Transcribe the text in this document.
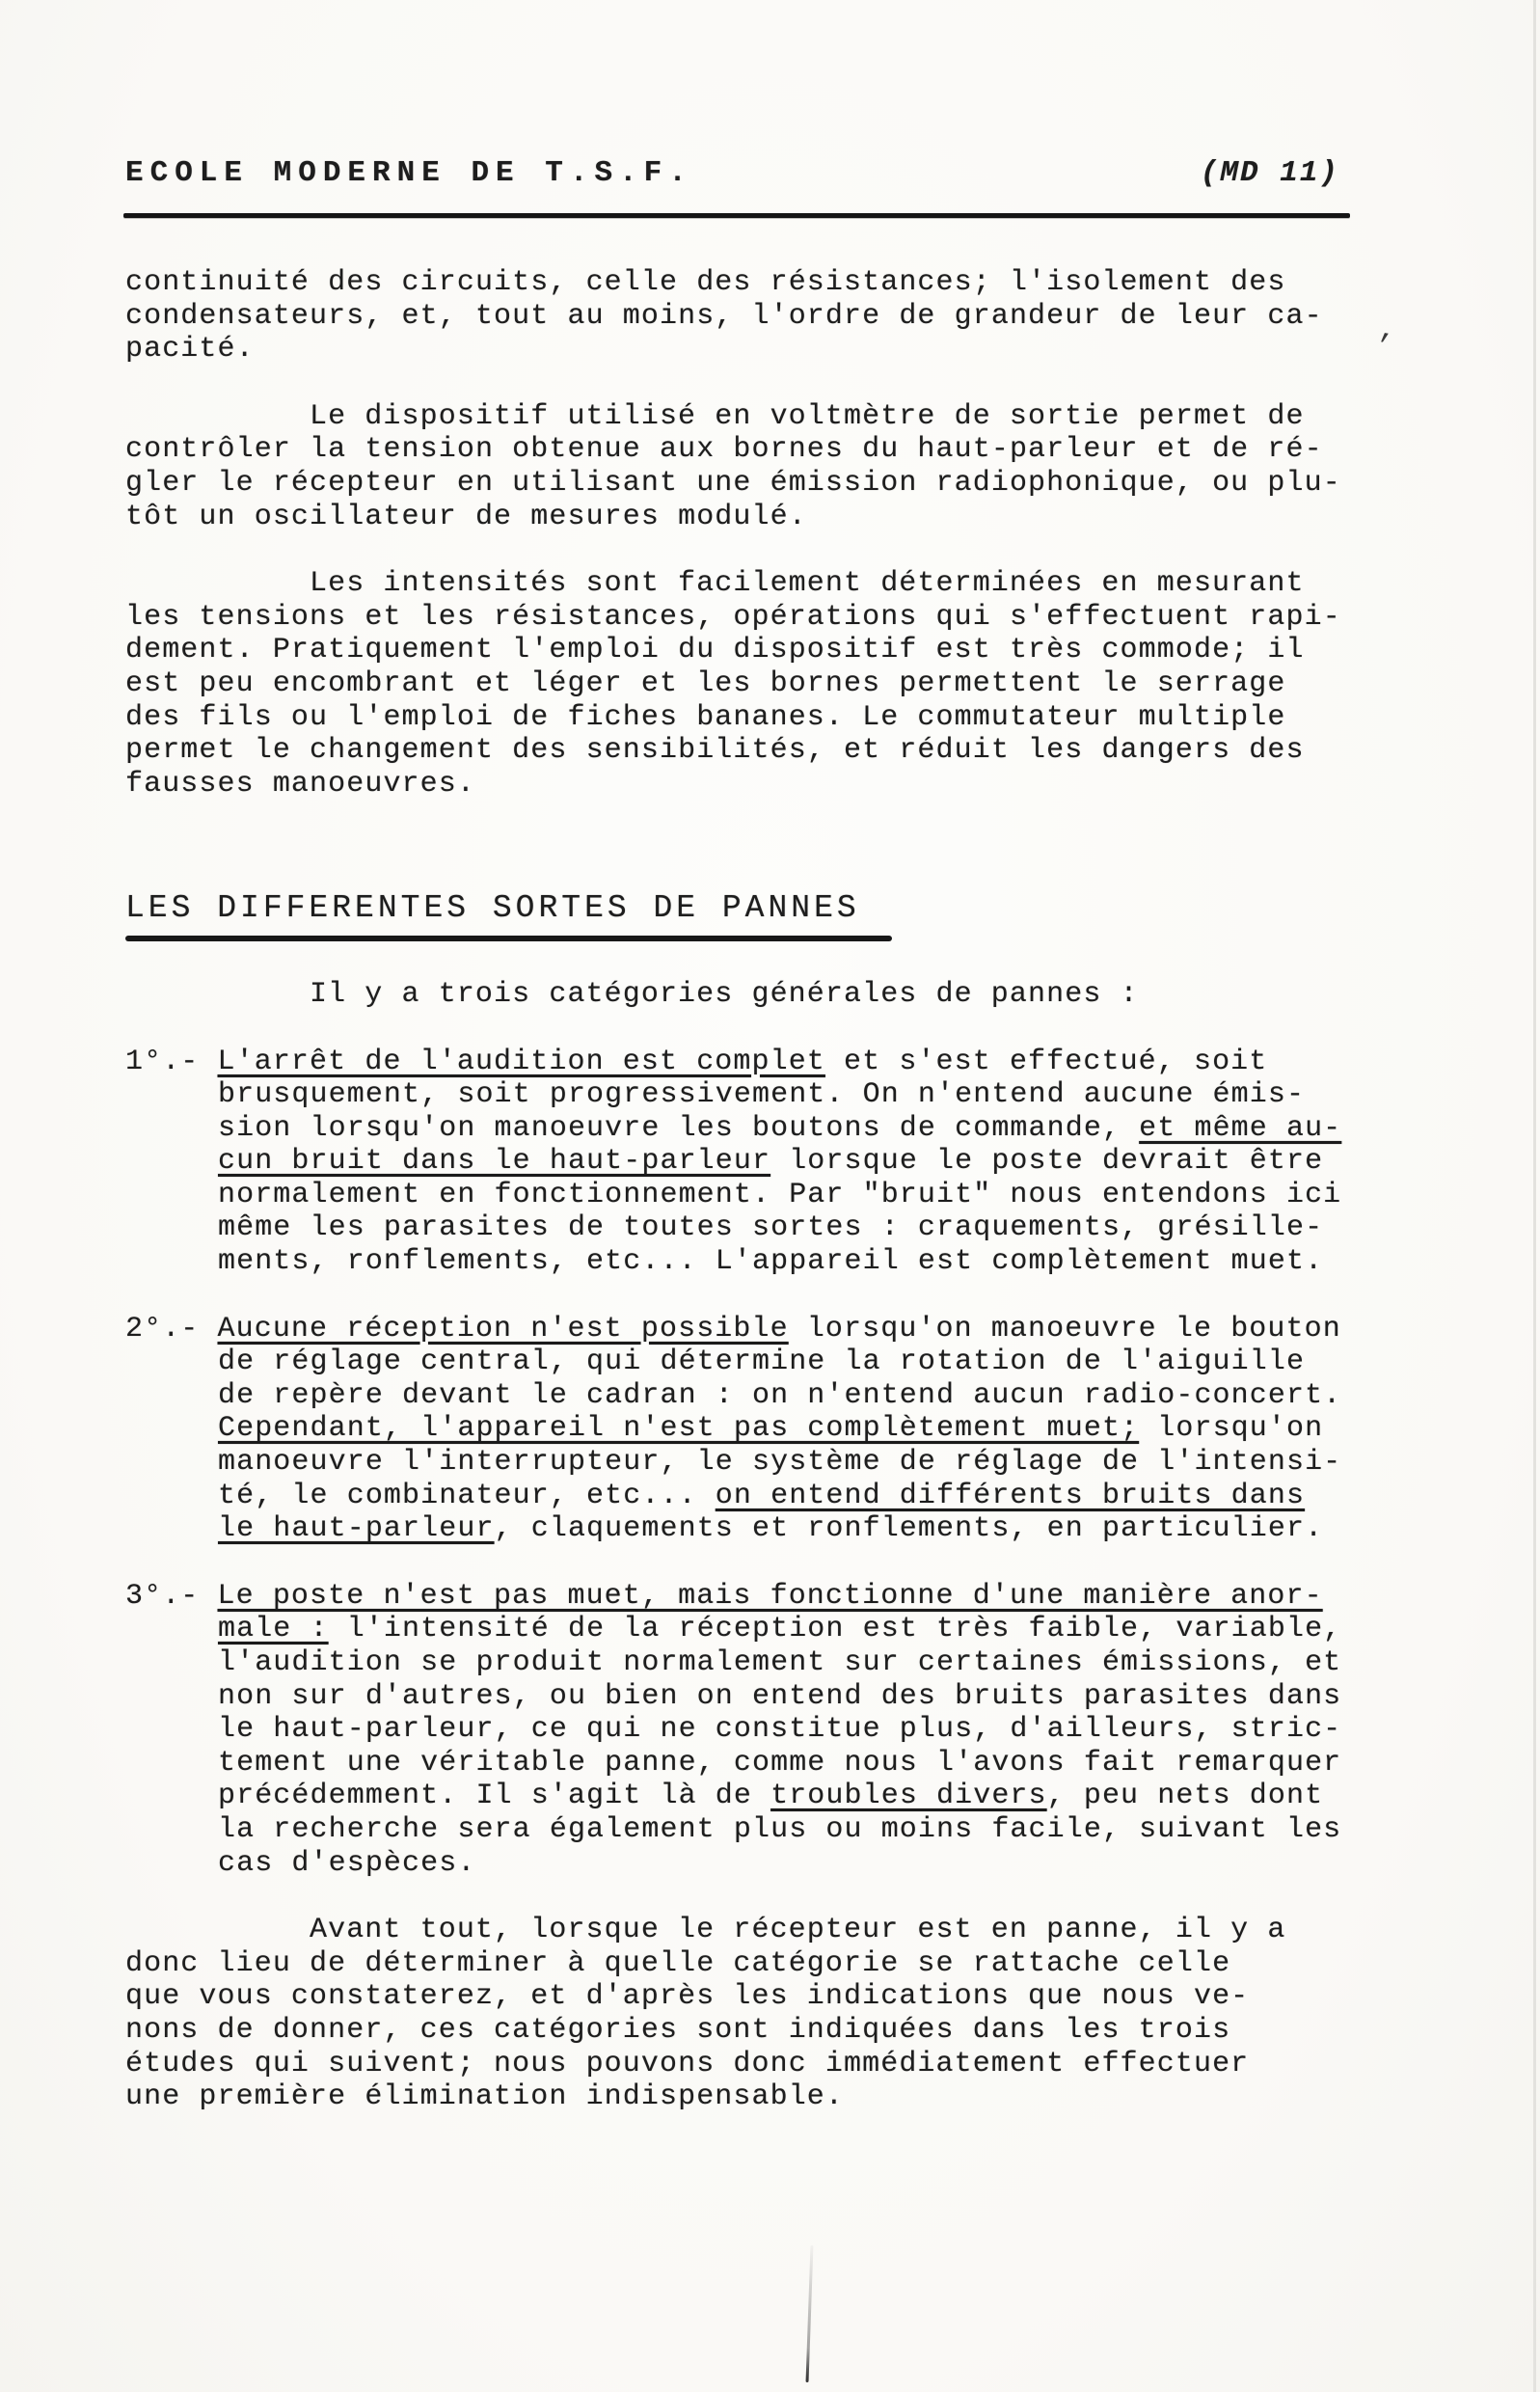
ECOLE MODERNE DE T.S.F.	(MD 11)
continuité des circuits, celle des résistances; l'isolement des
condensateurs, et, tout au moins, l'ordre de grandeur de leur ca-
pacité.
Le dispositif utilisé en voltmètre de sortie permet de
contrôler la tension obtenue aux bornes du haut-parleur et de ré-
gler le récepteur en utilisant une émission radiophonique, ou plu-
tôt un oscillateur de mesures modulé.
Les intensités sont facilement déterminées en mesurant
les tensions et les résistances, opérations qui s'effectuent rapi-
dement. Pratiquement l'emploi du dispositif est très commode; il
est peu encombrant et léger et les bornes permettent le serrage
des fils ou l'emploi de fiches bananes. Le commutateur multiple
permet le changement des sensibilités, et réduit les dangers des
fausses manoeuvres.
LES DIFFERENTES SORTES DE PANNES
Il y a trois catégories générales de pannes :
1°.- L'arrêt de l'audition est complet et s'est effectué, soit
brusquement, soit progressivement. On n'entend aucune émis-
sion lorsqu'on manoeuvre les boutons de commande, et même au-
cun bruit dans le haut-parleur lorsque le poste devrait être
normalement en fonctionnement. Par "bruit" nous entendons ici
même les parasites de toutes sortes : craquements, grésille-
ments, ronflements, etc... L'appareil est complètement muet.
2°.- Aucune réception n'est possible lorsqu'on manoeuvre le bouton
de réglage central, qui détermine la rotation de l'aiguille
de repère devant le cadran : on n'entend aucun radio-concert.
Cependant, l'appareil n'est pas complètement muet; lorsqu'on
manoeuvre l'interrupteur, le système de réglage de l'intensi-
té, le combinateur, etc... on entend différents bruits dans
le haut-parleur, claquements et ronflements, en particulier.
3°.- Le poste n'est pas muet, mais fonctionne d'une manière anor-
male : l'intensité de la réception est très faible, variable,
l'audition se produit normalement sur certaines émissions, et
non sur d'autres, ou bien on entend des bruits parasites dans
le haut-parleur, ce qui ne constitue plus, d'ailleurs, stric-
tement une véritable panne, comme nous l'avons fait remarquer
précédemment. Il s'agit là de troubles divers, peu nets dont
la recherche sera également plus ou moins facile, suivant les
cas d'espèces.
Avant tout, lorsque le récepteur est en panne, il y a
donc lieu de déterminer à quelle catégorie se rattache celle
que vous constaterez, et d'après les indications que nous ve-
nons de donner, ces catégories sont indiquées dans les trois
études qui suivent; nous pouvons donc immédiatement effectuer
une première élimination indispensable.
,
